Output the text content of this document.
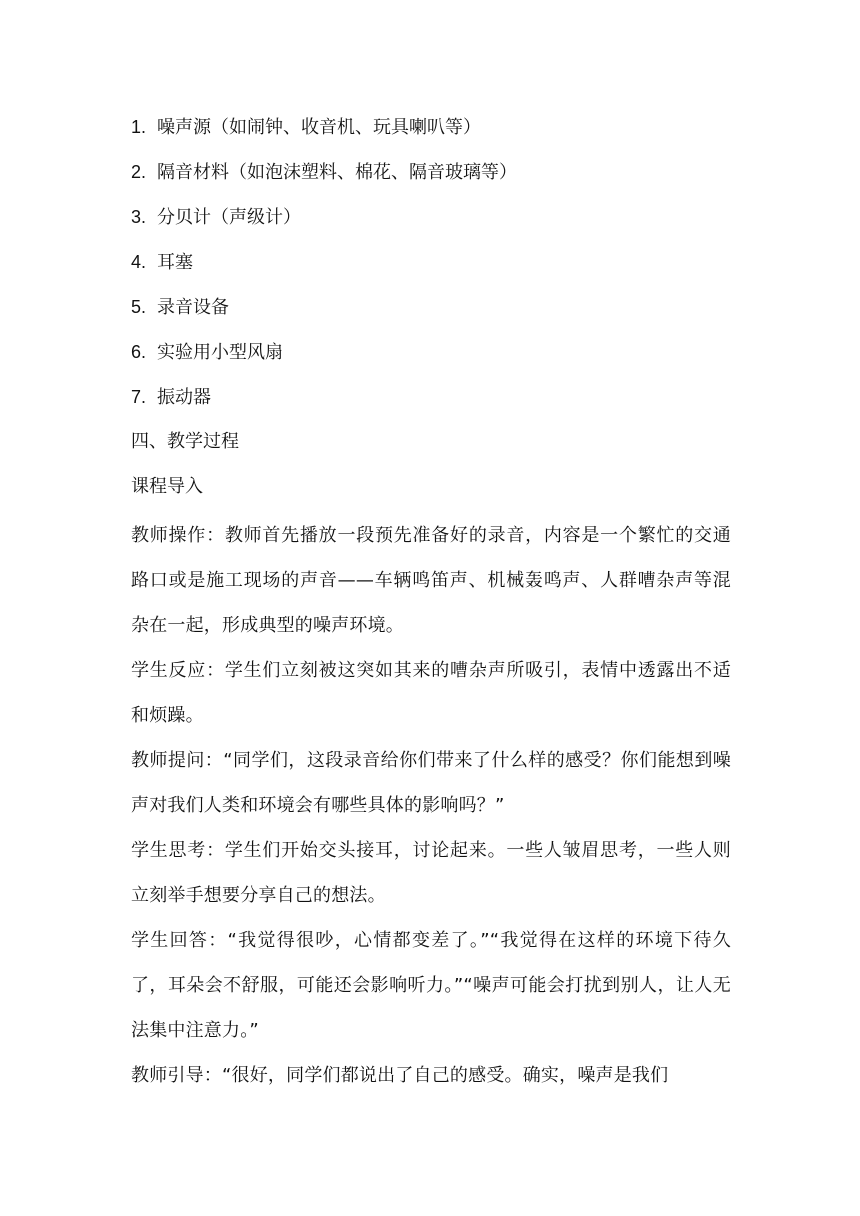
1. 噪声源（如闹钟、收音机、玩具喇叭等）
2. 隔音材料（如泡沫塑料、棉花、隔音玻璃等）
3. 分贝计（声级计）
4. 耳塞
5. 录音设备
6. 实验用小型风扇
7. 振动器
四、教学过程
课程导入

教师操作：教师首先播放一段预先准备好的录音，内容是一个繁忙的交通路口或是施工现场的声音——车辆鸣笛声、机械轰鸣声、人群嘈杂声等混杂在一起，形成典型的噪声环境。

学生反应：学生们立刻被这突如其来的嘈杂声所吸引，表情中透露出不适和烦躁。

教师提问：“同学们，这段录音给你们带来了什么样的感受？你们能想到噪声对我们人类和环境会有哪些具体的影响吗？”

学生思考：学生们开始交头接耳，讨论起来。一些人皱眉思考，一些人则立刻举手想要分享自己的想法。

学生回答：“我觉得很吵，心情都变差了。”“我觉得在这样的环境下待久了，耳朵会不舒服，可能还会影响听力。”“噪声可能会打扰到别人，让人无法集中注意力。”

教师引导：“很好，同学们都说出了自己的感受。确实，噪声是我们
